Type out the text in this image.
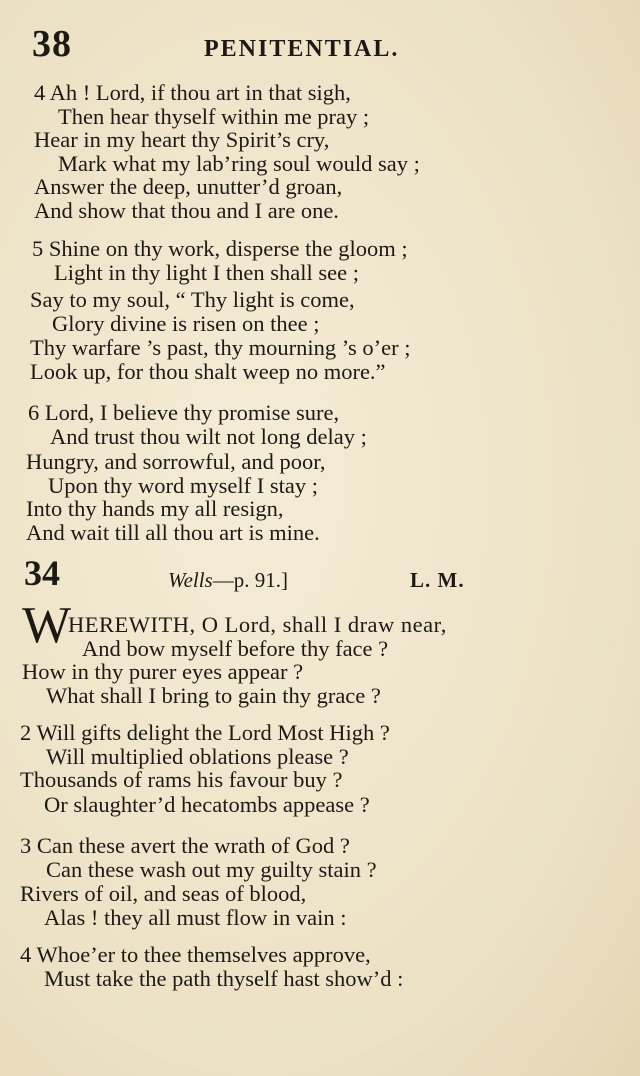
38	PENITENTIAL.
4 Ah ! Lord, if thou art in that sigh,
Then hear thyself within me pray ;
Hear in my heart thy Spirit’s cry,
Mark what my lab’ring soul would say ;
Answer the deep, unutter’d groan,
And show that thou and I are one.
5 Shine on thy work, disperse the gloom ;
Light in thy light I then shall see ;
Say to my soul, “ Thy light is come,
Glory divine is risen on thee ;
Thy warfare ’s past, thy mourning ’s o’er ;
Look up, for thou shalt weep no more.”
6 Lord, I believe thy promise sure,
And trust thou wilt not long delay ;
Hungry, and sorrowful, and poor,
Upon thy word myself I stay ;
Into thy hands my all resign,
And wait till all thou art is mine.
34	Wells—p. 91.]	L. M.
W
HEREWITH, O Lord, shall I draw near,
And bow myself before thy face ?
How in thy purer eyes appear ?
What shall I bring to gain thy grace ?
2 Will gifts delight the Lord Most High ?
Will multiplied oblations please ?
Thousands of rams his favour buy ?
Or slaughter’d hecatombs appease ?
3 Can these avert the wrath of God ?
Can these wash out my guilty stain ?
Rivers of oil, and seas of blood,
Alas ! they all must flow in vain :
4 Whoe’er to thee themselves approve,
Must take the path thyself hast show’d :
